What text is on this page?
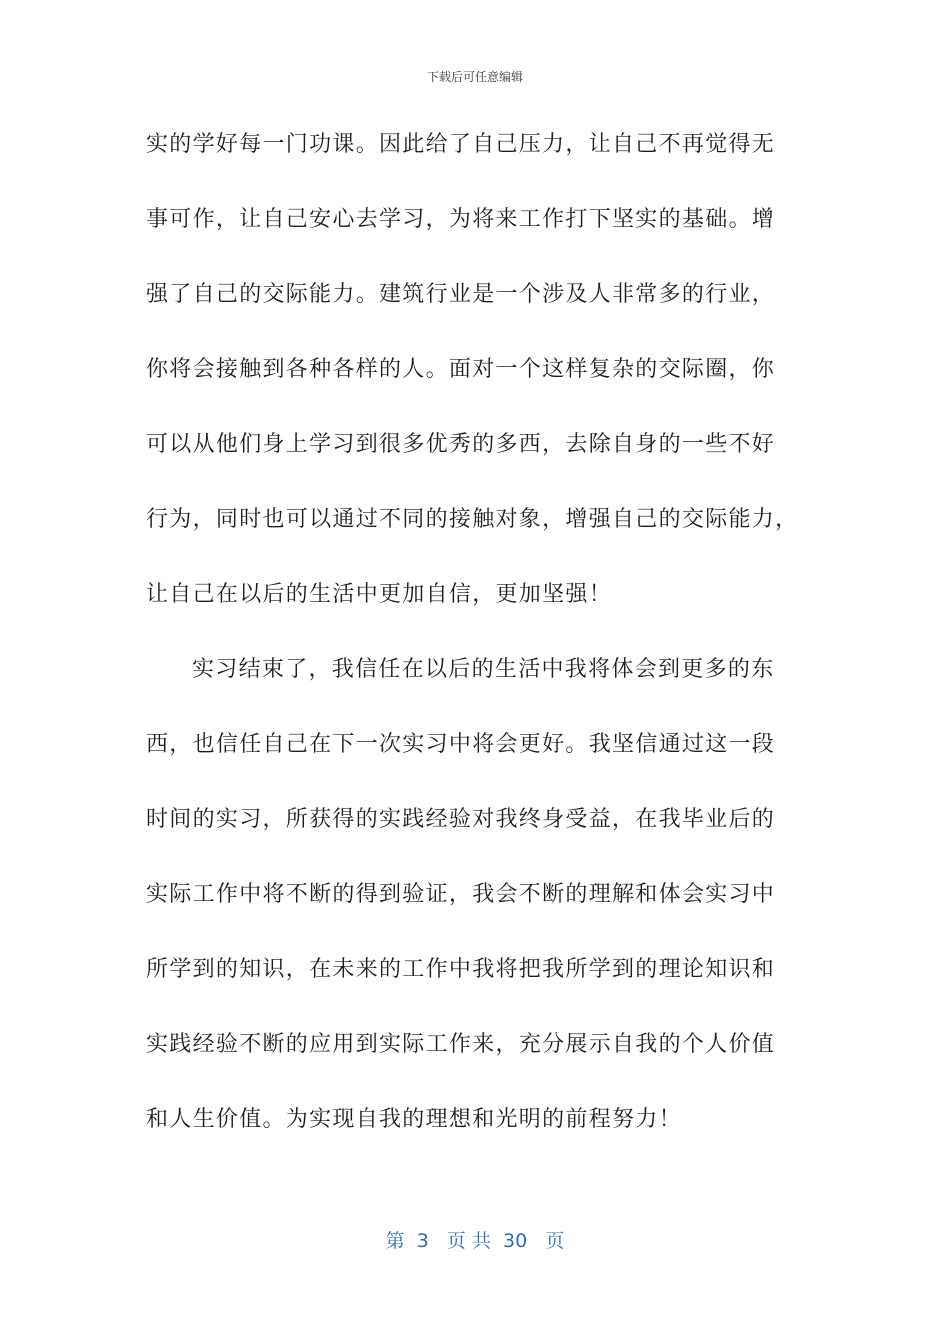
下载后可任意编辑
实的学好每一门功课。因此给了自己压力，让自己不再觉得无
事可作，让自己安心去学习，为将来工作打下坚实的基础。增
强了自己的交际能力。建筑行业是一个涉及人非常多的行业，
你将会接触到各种各样的人。面对一个这样复杂的交际圈，你
可以从他们身上学习到很多优秀的多西，去除自身的一些不好
行为，同时也可以通过不同的接触对象，增强自己的交际能力，
让自己在以后的生活中更加自信，更加坚强！
实习结束了，我信任在以后的生活中我将体会到更多的东
西，也信任自己在下一次实习中将会更好。我坚信通过这一段
时间的实习，所获得的实践经验对我终身受益，在我毕业后的
实际工作中将不断的得到验证，我会不断的理解和体会实习中
所学到的知识，在未来的工作中我将把我所学到的理论知识和
实践经验不断的应用到实际工作来，充分展示自我的个人价值
和人生价值。为实现自我的理想和光明的前程努力！
第  3   页 共  30   页
